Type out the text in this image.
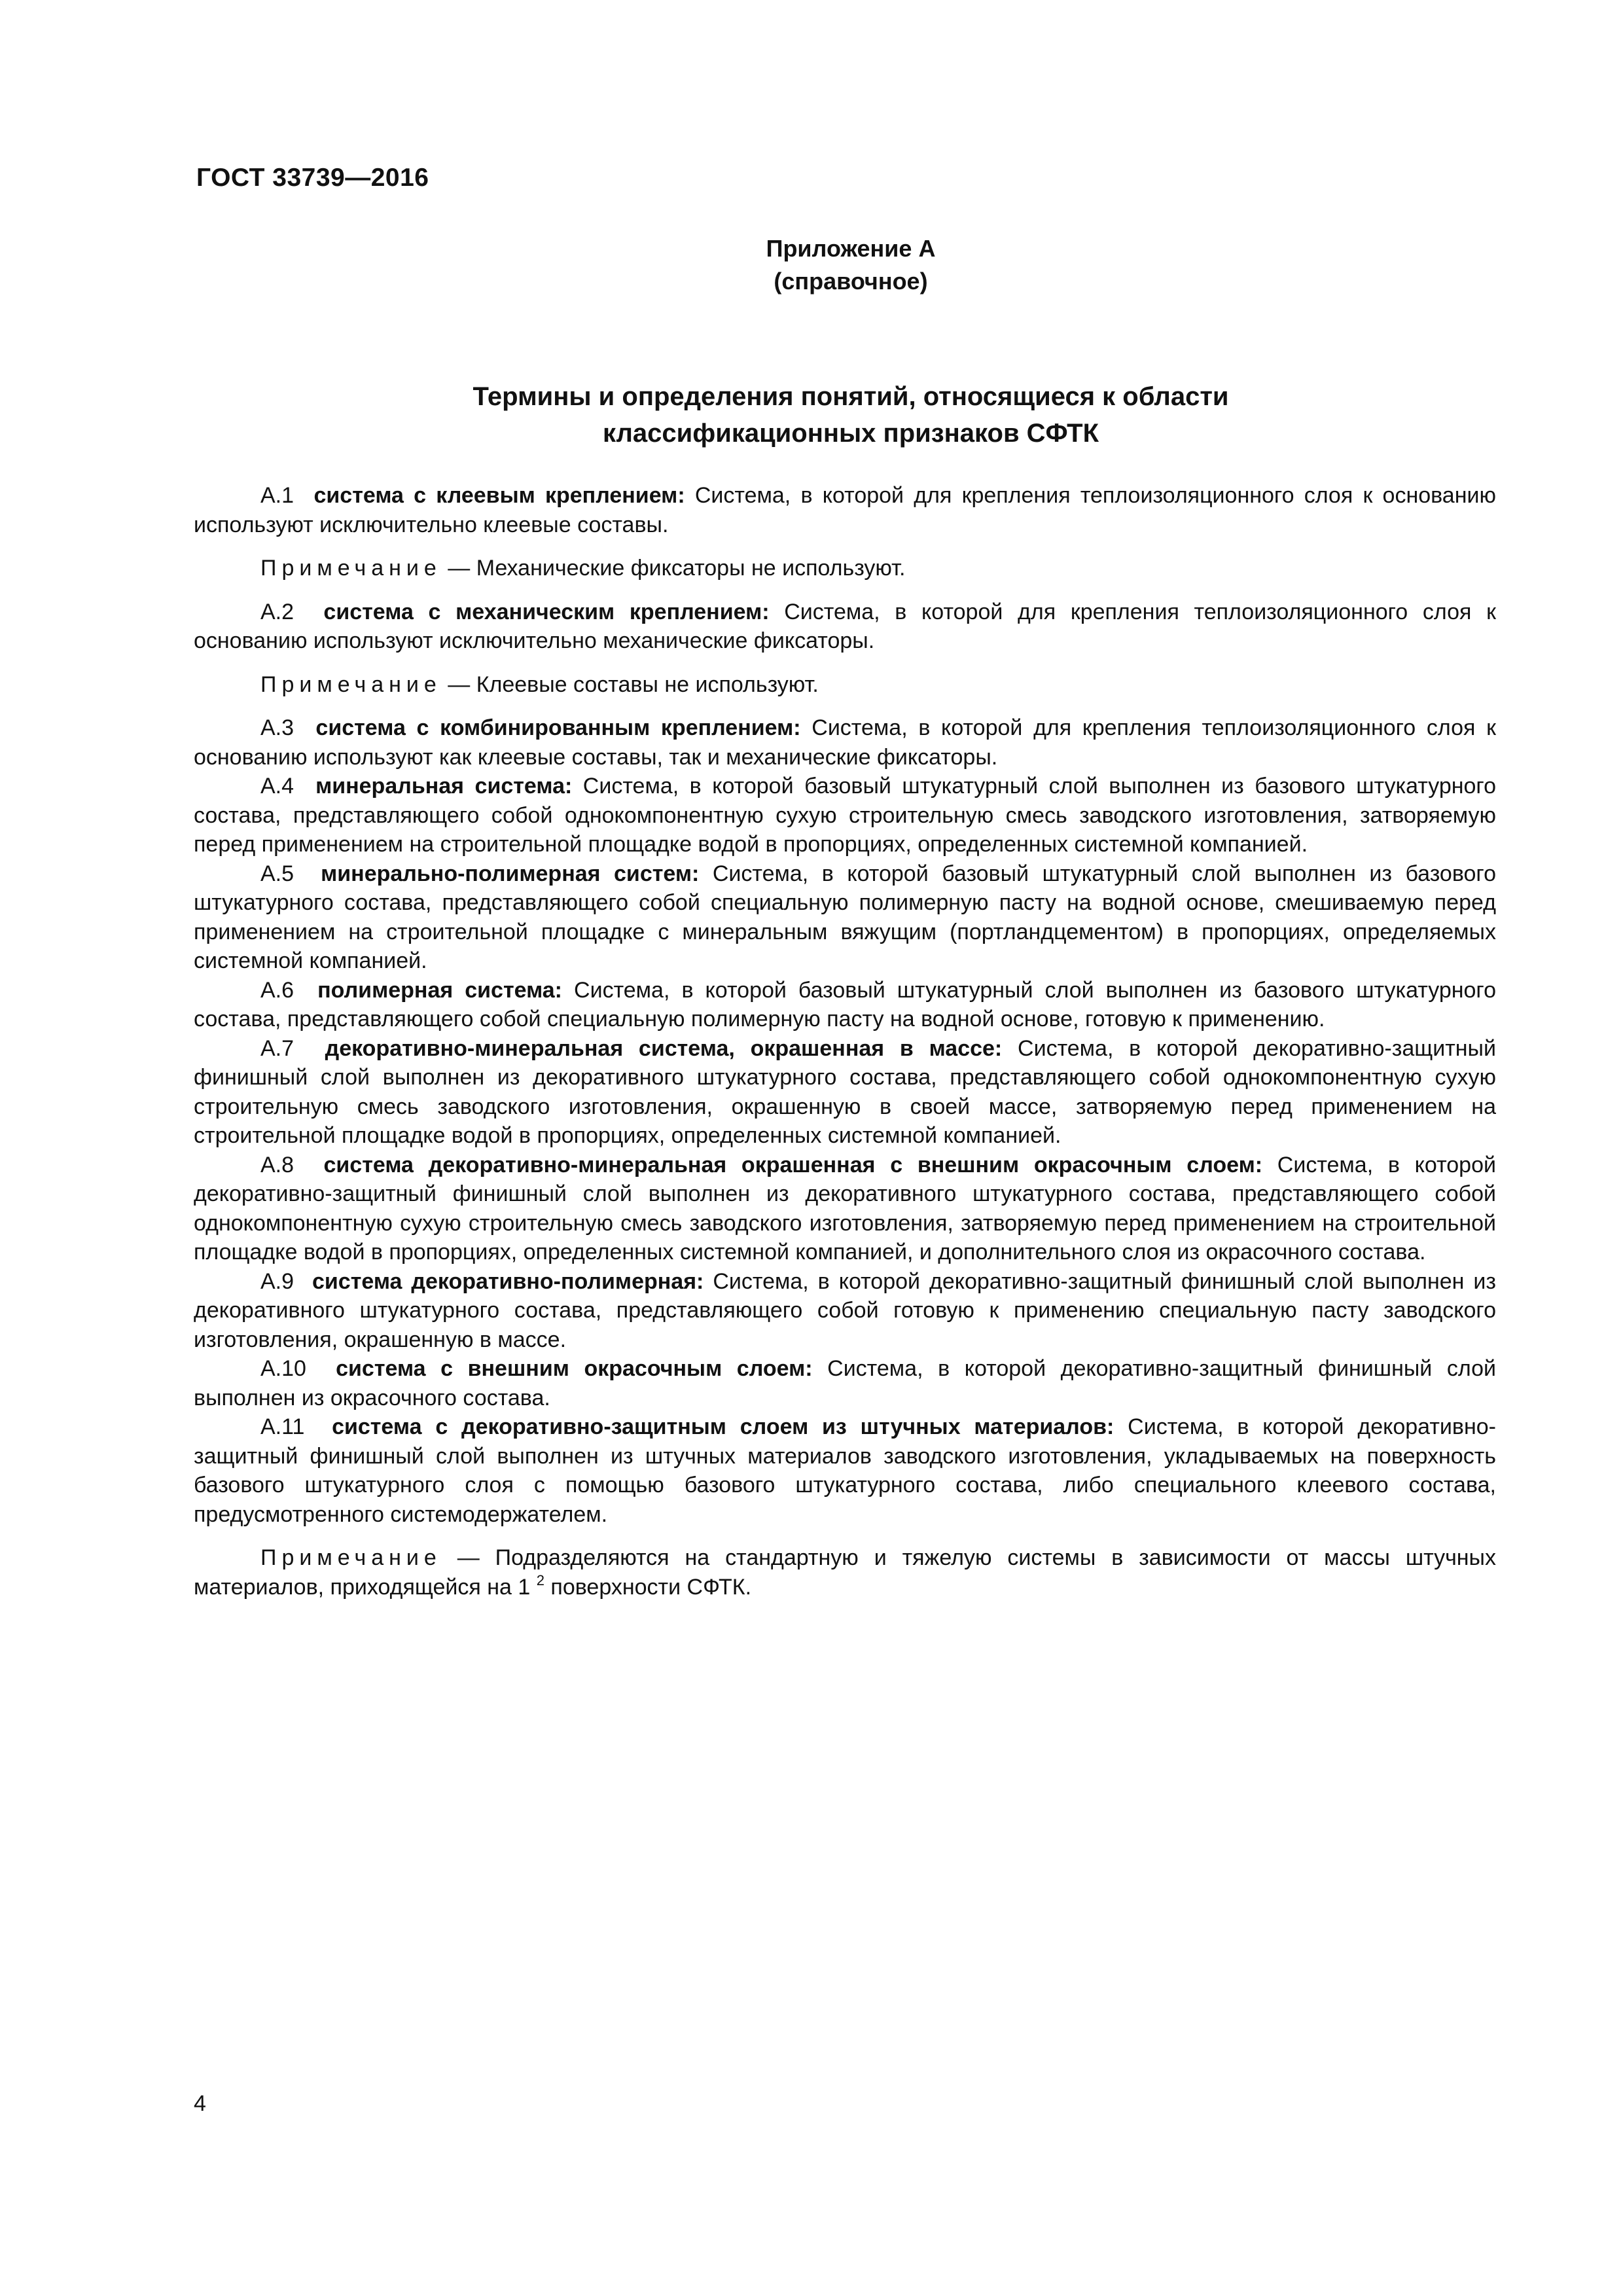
ГОСТ 33739—2016
Приложение А
(справочное)
Термины и определения понятий, относящиеся к области
классификационных признаков СФТК

А.1 система с клеевым креплением: Система, в которой для крепления теплоизоляционного слоя к основанию используют исключительно клеевые составы.

Примечание — Механические фиксаторы не используют.

А.2 система с механическим креплением: Система, в которой для крепления теплоизоляционного слоя к основанию используют исключительно механические фиксаторы.

Примечание — Клеевые составы не используют.

А.3 система с комбинированным креплением: Система, в которой для крепления теплоизоляционного слоя к основанию используют как клеевые составы, так и механические фиксаторы.

А.4 минеральная система: Система, в которой базовый штукатурный слой выполнен из базового штукатурного состава, представляющего собой однокомпонентную сухую строительную смесь заводского изготовления, затворяемую перед применением на строительной площадке водой в пропорциях, определенных системной компанией.

А.5 минерально-полимерная систем: Система, в которой базовый штукатурный слой выполнен из базового штукатурного состава, представляющего собой специальную полимерную пасту на водной основе, смешиваемую перед применением на строительной площадке с минеральным вяжущим (портландцементом) в пропорциях, определяемых системной компанией.

А.6 полимерная система: Система, в которой базовый штукатурный слой выполнен из базового штукатурного состава, представляющего собой специальную полимерную пасту на водной основе, готовую к применению.

А.7 декоративно-минеральная система, окрашенная в массе: Система, в которой декоративно-защитный финишный слой выполнен из декоративного штукатурного состава, представляющего собой однокомпонентную сухую строительную смесь заводского изготовления, окрашенную в своей массе, затворяемую перед применением на строительной площадке водой в пропорциях, определенных системной компанией.

А.8 система декоративно-минеральная окрашенная с внешним окрасочным слоем: Система, в которой декоративно-защитный финишный слой выполнен из декоративного штукатурного состава, представляющего собой однокомпонентную сухую строительную смесь заводского изготовления, затворяемую перед применением на строительной площадке водой в пропорциях, определенных системной компанией, и дополнительного слоя из окрасочного состава.

А.9 система декоративно-полимерная: Система, в которой декоративно-защитный финишный слой выполнен из декоративного штукатурного состава, представляющего собой готовую к применению специальную пасту заводского изготовления, окрашенную в массе.

А.10 система с внешним окрасочным слоем: Система, в которой декоративно-защитный финишный слой выполнен из окрасочного состава.

А.11 система с декоративно-защитным слоем из штучных материалов: Система, в которой декоративно-защитный финишный слой выполнен из штучных материалов заводского изготовления, укладываемых на поверхность базового штукатурного слоя с помощью базового штукатурного состава, либо специального клеевого состава, предусмотренного системодержателем.

Примечание — Подразделяются на стандартную и тяжелую системы в зависимости от массы штучных материалов, приходящейся на 1 $^2$ поверхности СФТК.

4
